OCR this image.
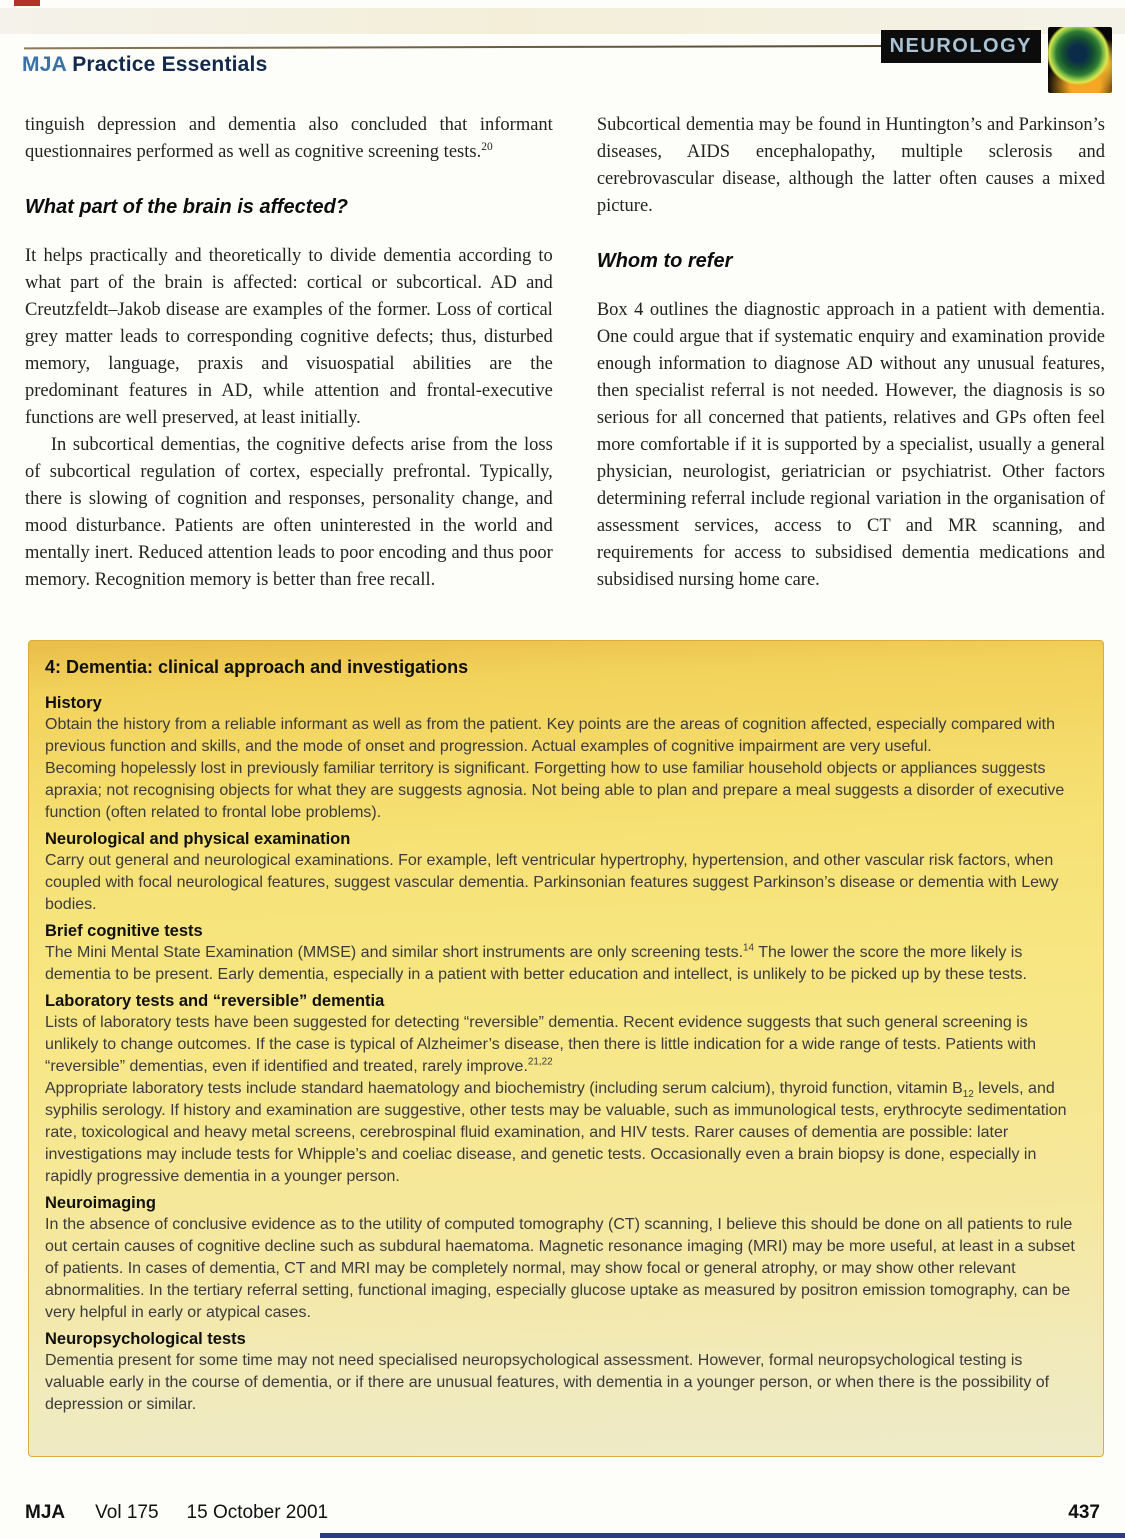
MJA Practice Essentials
NEUROLOGY

tinguish depression and dementia also concluded that informant questionnaires performed as well as cognitive screening tests.$^{20}$

What part of the brain is affected?

It helps practically and theoretically to divide dementia according to what part of the brain is affected: cortical or subcortical. AD and Creutzfeldt–Jakob disease are examples of the former. Loss of cortical grey matter leads to corresponding cognitive defects; thus, disturbed memory, language, praxis and visuospatial abilities are the predominant features in AD, while attention and frontal-executive functions are well preserved, at least initially.

In subcortical dementias, the cognitive defects arise from the loss of subcortical regulation of cortex, especially prefrontal. Typically, there is slowing of cognition and responses, personality change, and mood disturbance. Patients are often uninterested in the world and mentally inert. Reduced attention leads to poor encoding and thus poor memory. Recognition memory is better than free recall.

Subcortical dementia may be found in Huntington’s and Parkinson’s diseases, AIDS encephalopathy, multiple sclerosis and cerebrovascular disease, although the latter often causes a mixed picture.

Whom to refer

Box 4 outlines the diagnostic approach in a patient with dementia. One could argue that if systematic enquiry and examination provide enough information to diagnose AD without any unusual features, then specialist referral is not needed. However, the diagnosis is so serious for all concerned that patients, relatives and GPs often feel more comfortable if it is supported by a specialist, usually a general physician, neurologist, geriatrician or psychiatrist. Other factors determining referral include regional variation in the organisation of assessment services, access to CT and MR scanning, and requirements for access to subsidised dementia medications and subsidised nursing home care.

4: Dementia: clinical approach and investigations
History

Obtain the history from a reliable informant as well as from the patient. Key points are the areas of cognition affected, especially compared with previous function and skills, and the mode of onset and progression. Actual examples of cognitive impairment are very useful.

Becoming hopelessly lost in previously familiar territory is significant. Forgetting how to use familiar household objects or appliances suggests apraxia; not recognising objects for what they are suggests agnosia. Not being able to plan and prepare a meal suggests a disorder of executive function (often related to frontal lobe problems).

Neurological and physical examination

Carry out general and neurological examinations. For example, left ventricular hypertrophy, hypertension, and other vascular risk factors, when coupled with focal neurological features, suggest vascular dementia. Parkinsonian features suggest Parkinson’s disease or dementia with Lewy bodies.

Brief cognitive tests

The Mini Mental State Examination (MMSE) and similar short instruments are only screening tests.$^{14}$ The lower the score the more likely is dementia to be present. Early dementia, especially in a patient with better education and intellect, is unlikely to be picked up by these tests.

Laboratory tests and “reversible” dementia

Lists of laboratory tests have been suggested for detecting “reversible” dementia. Recent evidence suggests that such general screening is unlikely to change outcomes. If the case is typical of Alzheimer’s disease, then there is little indication for a wide range of tests. Patients with “reversible” dementias, even if identified and treated, rarely improve.$^{21,22}$

Appropriate laboratory tests include standard haematology and biochemistry (including serum calcium), thyroid function, vitamin $B_{12}$ levels, and syphilis serology. If history and examination are suggestive, other tests may be valuable, such as immunological tests, erythrocyte sedimentation rate, toxicological and heavy metal screens, cerebrospinal fluid examination, and HIV tests. Rarer causes of dementia are possible: later investigations may include tests for Whipple’s and coeliac disease, and genetic tests. Occasionally even a brain biopsy is done, especially in rapidly progressive dementia in a younger person.

Neuroimaging

In the absence of conclusive evidence as to the utility of computed tomography (CT) scanning, I believe this should be done on all patients to rule out certain causes of cognitive decline such as subdural haematoma. Magnetic resonance imaging (MRI) may be more useful, at least in a subset of patients. In cases of dementia, CT and MRI may be completely normal, may show focal or general atrophy, or may show other relevant abnormalities. In the tertiary referral setting, functional imaging, especially glucose uptake as measured by positron emission tomography, can be very helpful in early or atypical cases.

Neuropsychological tests

Dementia present for some time may not need specialised neuropsychological assessment. However, formal neuropsychological testing is valuable early in the course of dementia, or if there are unusual features, with dementia in a younger person, or when there is the possibility of depression or similar.

MJA Vol 175 15 October 2001	437
